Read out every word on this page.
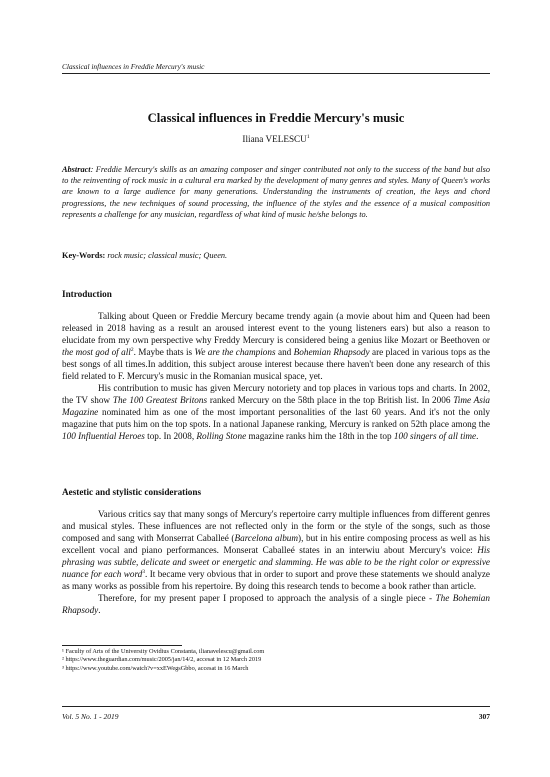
Classical influences in Freddie Mercury's music
Classical influences in Freddie Mercury's music
Iliana VELESCU$^1$
Abstract: Freddie Mercury's skills as an amazing composer and singer contributed not only to the success of the band but also to the reinventing of rock music in a cultural era marked by the development of many genres and styles. Many of Queen's works are known to a large audience for many generations. Understanding the instruments of creation, the keys and chord progressions, the new techniques of sound processing, the influence of the styles and the essence of a musical composition represents a challenge for any musician, regardless of what kind of music he/she belongs to.
Key-Words: rock music; classical music; Queen.
Introduction

Talking about Queen or Freddie Mercury became trendy again (a movie about him and Queen had been released in 2018 having as a result an aroused interest event to the young listeners ears) but also a reason to elucidate from my own perspective why Freddy Mercury is considered being a genius like Mozart or Beethoven or the most god of all$^2$. Maybe thats is We are the champions and Bohemian Rhapsody are placed in various tops as the best songs of all times.In addition, this subject arouse interest because there haven't been done any research of this field related to F. Mercury's music in the Romanian musical space, yet.

His contribution to music has given Mercury notoriety and top places in various tops and charts. In 2002, the TV show The 100 Greatest Britons ranked Mercury on the 58th place in the top British list. In 2006 Time Asia Magazine nominated him as one of the most important personalities of the last 60 years. And it's not the only magazine that puts him on the top spots. In a national Japanese ranking, Mercury is ranked on 52th place among the 100 Influential Heroes top. In 2008, Rolling Stone magazine ranks him the 18th in the top 100 singers of all time.

Aestetic and stylistic considerations

Various critics say that many songs of Mercury's repertoire carry multiple influences from different genres and musical styles. These influences are not reflected only in the form or the style of the songs, such as those composed and sang with Monserrat Caballeé (Barcelona album), but in his entire composing process as well as his excellent vocal and piano performances. Monserat Caballeé states in an interwiu about Mercury's voice: His phrasing was subtle, delicate and sweet or energetic and slamming. He was able to be the right color or expressive nuance for each word$^3$. It became very obvious that in order to suport and prove these statements we should analyze as many works as possible from his repertoire. By doing this research tends to become a book rather than article.

Therefore, for my present paper I proposed to approach the analysis of a single piece - The Bohemian Rhapsody.

¹ Faculty of Arts of the University Ovidius Constanta, ilianavelescu@gmail.com
² https://www.theguardian.com/music/2005/jan/14/2, accesat in 12 March 2019
³ https://www.youtube.com/watch?v=xxEWegsGbbo, accesat in 16 March
Vol. 5 No. 1 - 2019	307
